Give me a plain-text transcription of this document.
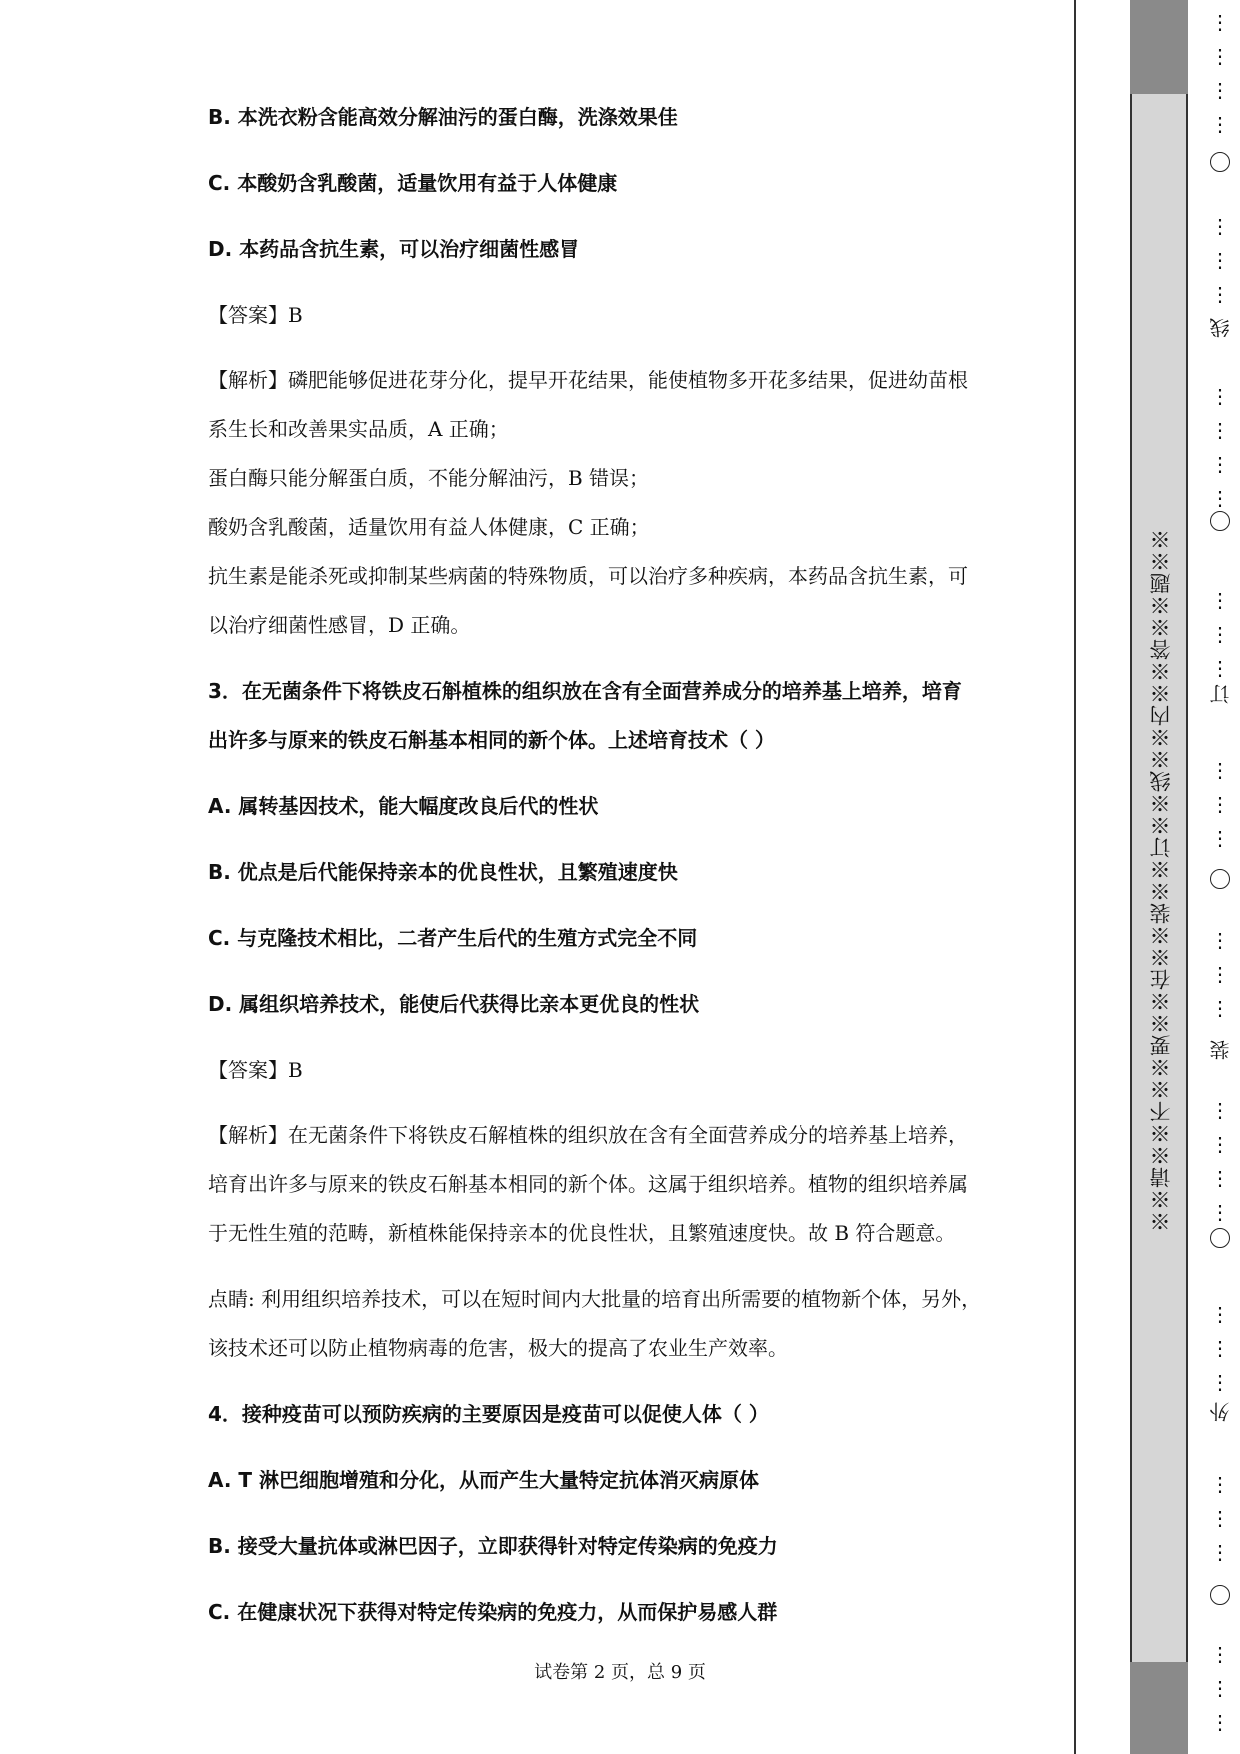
B. 本洗衣粉含能高效分解油污的蛋白酶，洗涤效果佳
C. 本酸奶含乳酸菌，适量饮用有益于人体健康
D. 本药品含抗生素，可以治疗细菌性感冒
【答案】B
【解析】磷肥能够促进花芽分化，提早开花结果，能使植物多开花多结果，促进幼苗根
系生长和改善果实品质，A 正确；
蛋白酶只能分解蛋白质，不能分解油污，B 错误；
酸奶含乳酸菌，适量饮用有益人体健康，C 正确；
抗生素是能杀死或抑制某些病菌的特殊物质，可以治疗多种疾病，本药品含抗生素，可
以治疗细菌性感冒，D 正确。
3．在无菌条件下将铁皮石斛植株的组织放在含有全面营养成分的培养基上培养，培育
出许多与原来的铁皮石斛基本相同的新个体。上述培育技术（ ）
A. 属转基因技术，能大幅度改良后代的性状
B. 优点是后代能保持亲本的优良性状，且繁殖速度快
C. 与克隆技术相比，二者产生后代的生殖方式完全不同
D. 属组织培养技术，能使后代获得比亲本更优良的性状
【答案】B
【解析】在无菌条件下将铁皮石解植株的组织放在含有全面营养成分的培养基上培养，
培育出许多与原来的铁皮石斛基本相同的新个体。这属于组织培养。植物的组织培养属
于无性生殖的范畴，新植株能保持亲本的优良性状，且繁殖速度快。故 B 符合题意。
点睛: 利用组织培养技术，可以在短时间内大批量的培育出所需要的植物新个体，另外，
该技术还可以防止植物病毒的危害，极大的提高了农业生产效率。
4．接种疫苗可以预防疾病的主要原因是疫苗可以促使人体（ ）
A. T 淋巴细胞增殖和分化，从而产生大量特定抗体消灭病原体
B. 接受大量抗体或淋巴因子，立即获得针对特定传染病的免疫力
C. 在健康状况下获得对特定传染病的免疫力，从而保护易感人群
试卷第 2 页，总 9 页
※※请※※不※※要※※在※※装※※订※※线※※内※※答※※题※※
线
订
装
外
⋮
⋮
⋮
⋮
⋮
⋮
⋮
⋮
⋮
⋮
⋮
⋮
⋮
⋮
⋮
⋮
⋮
⋮
⋮
⋮
⋮
⋮
⋮
⋮
⋮
⋮
⋮
⋮
⋮
⋮
⋮
⋮
⋮
